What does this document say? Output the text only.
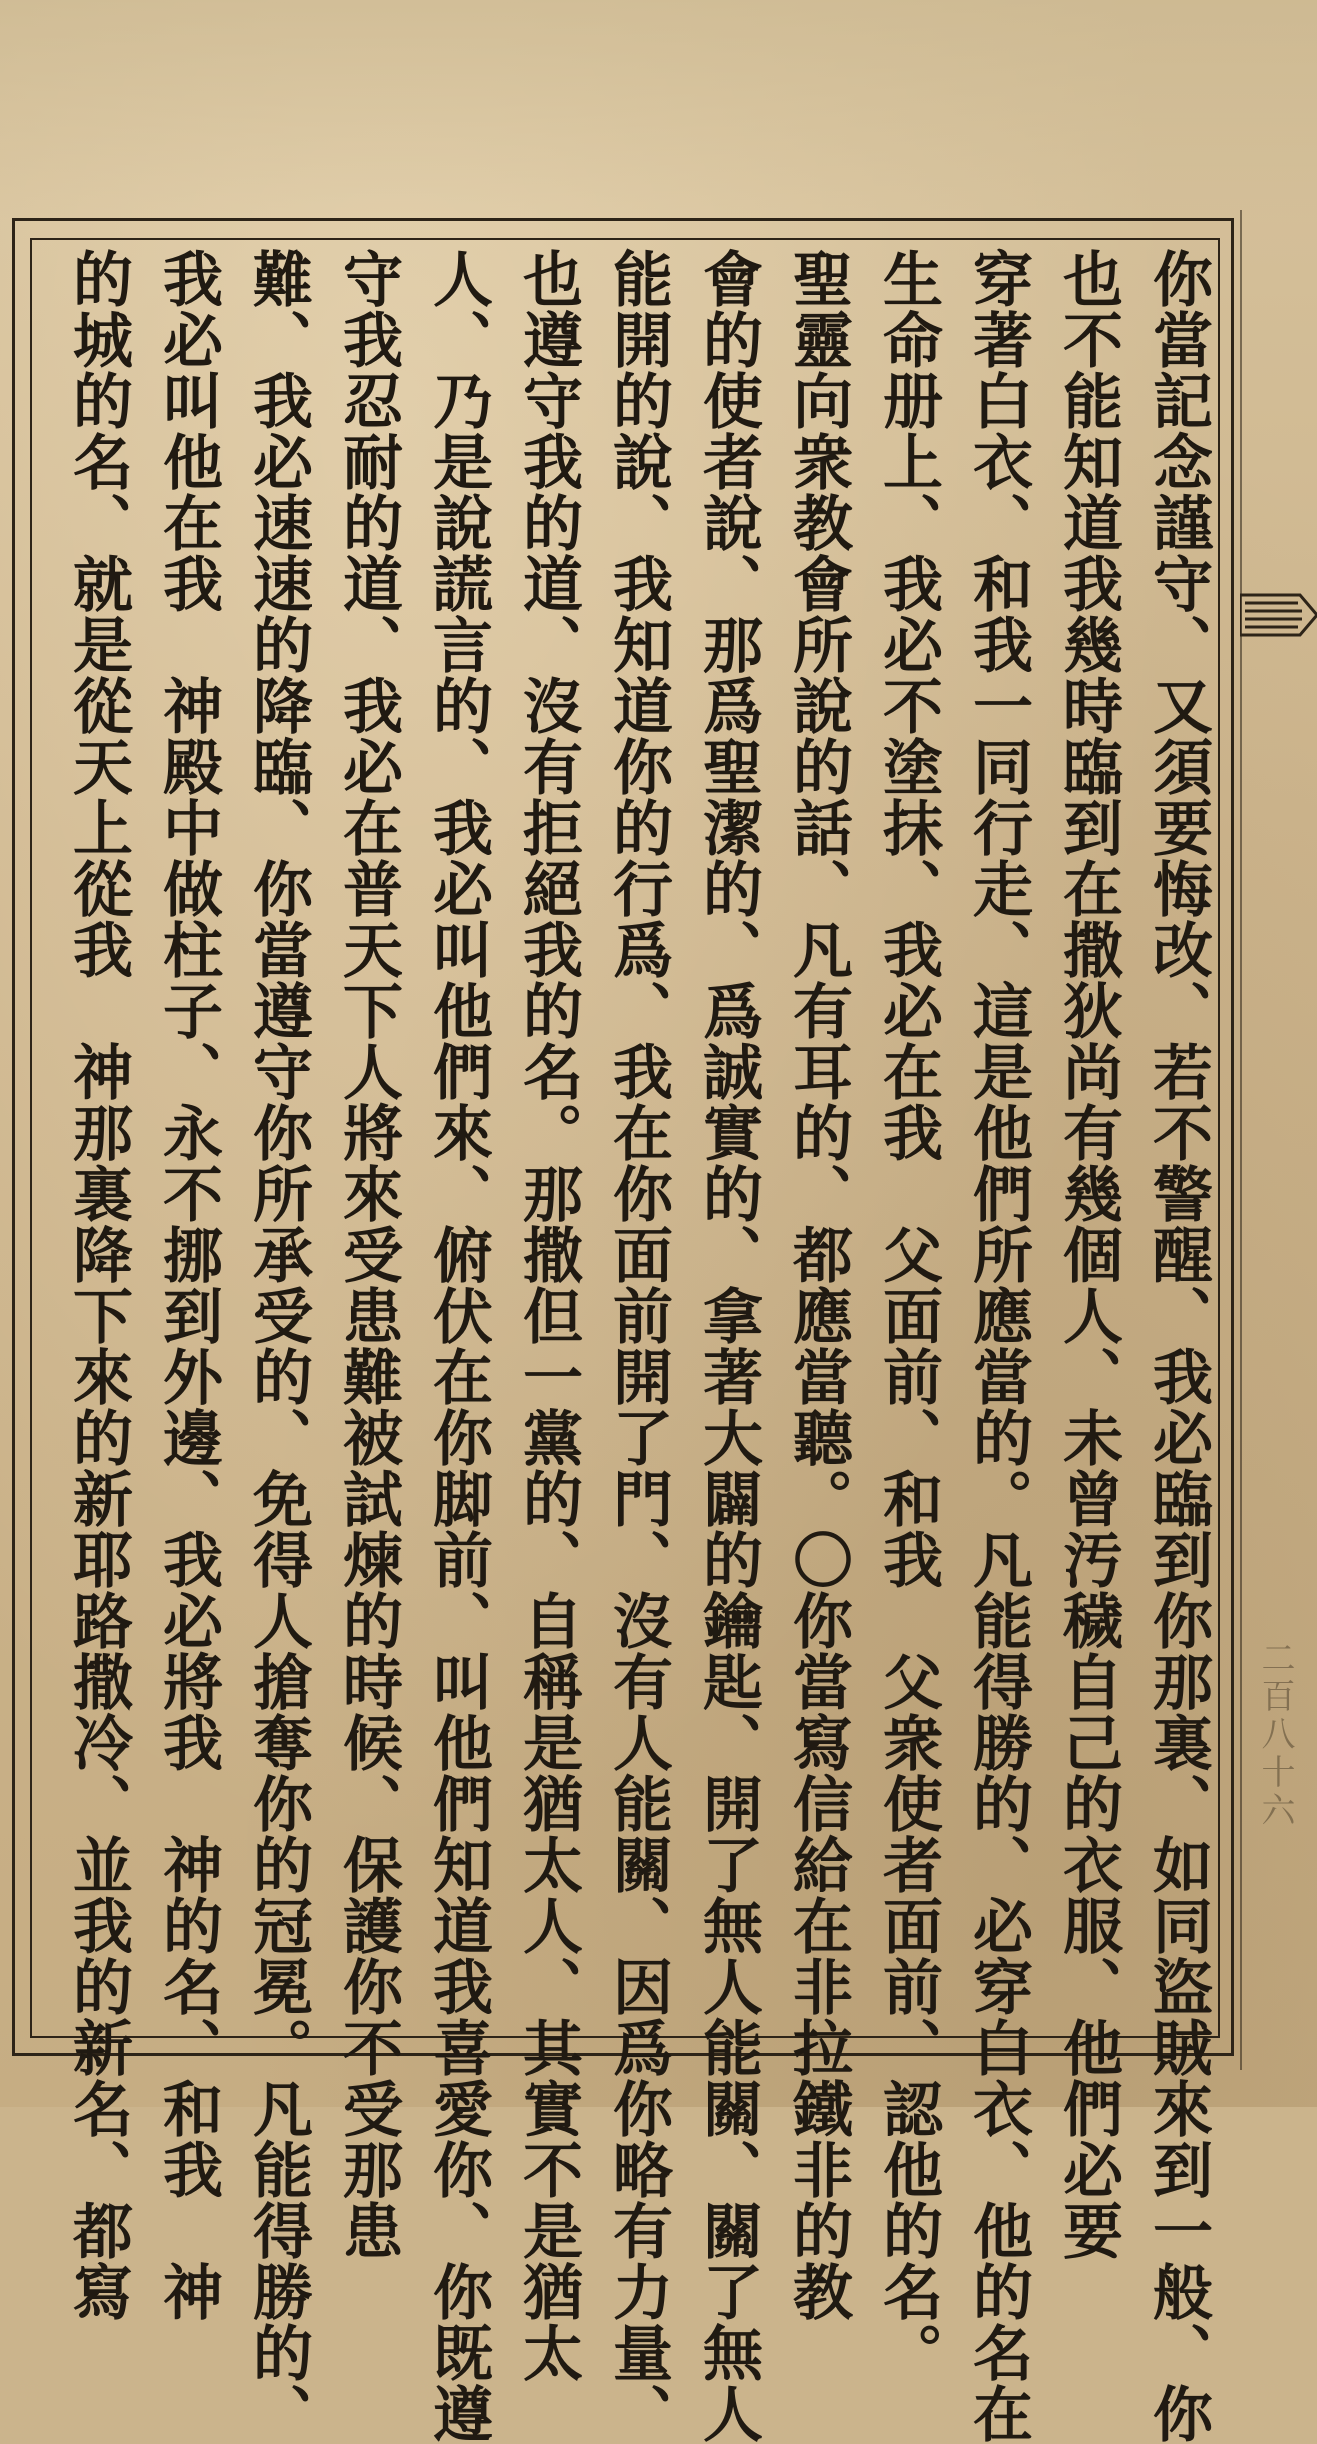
二百八十六
你當記念謹守、又須要悔改、若不警醒、我必臨到你那裏、如同盜賊來到一般、你
也不能知道我幾時臨到在撒狄尚有幾個人、未曾汚穢自己的衣服、他們必要
穿著白衣、和我一同行走、這是他們所應當的。凡能得勝的、必穿白衣、他的名在
生命册上、我必不塗抹、我必在我　父面前、和我　父衆使者面前、認他的名。
聖靈向衆教會所說的話、凡有耳的、都應當聽。〇你當寫信給在非拉鐵非的教
會的使者說、那爲聖潔的、爲誠實的、拿著大闢的鑰匙、開了無人能關、關了無人
能開的說、我知道你的行爲、我在你面前開了門、沒有人能關、因爲你略有力量、
也遵守我的道、沒有拒絕我的名。那撒但一黨的、自稱是猶太人、其實不是猶太
人、乃是說謊言的、我必叫他們來、俯伏在你脚前、叫他們知道我喜愛你、你既遵
守我忍耐的道、我必在普天下人將來受患難被試煉的時候、保護你不受那患
難、我必速速的降臨、你當遵守你所承受的、免得人搶奪你的冠冕。凡能得勝的、
我必叫他在我　神殿中做柱子、永不挪到外邊、我必將我　神的名、和我　神
的城的名、就是從天上從我　神那裏降下來的新耶路撒冷、並我的新名、都寫
